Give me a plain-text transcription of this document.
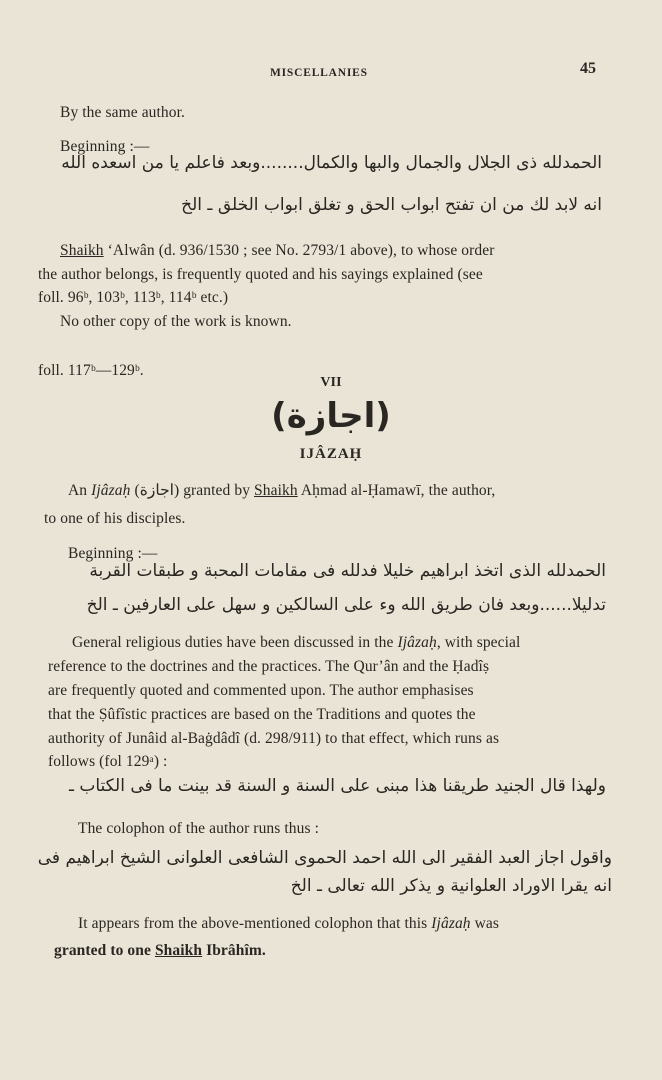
MISCELLANIES	45
By the same author.
Beginning :—
الحمدلله ذی الجلال والجمال والبها والکمال........وبعد فاعلم یا من اسعده الله
انه لابد لك من ان تفتح ابواب الحق و تغلق ابواب الخلق ـ الخ
Shaikh ‘Alwân (d. 936/1530 ; see No. 2793/1 above), to whose order
the author belongs, is frequently quoted and his sayings explained (see
foll. 96ᵇ, 103ᵇ, 113ᵇ, 114ᵇ etc.)
No other copy of the work is known.
foll. 117ᵇ—129ᵇ.
VII
(اجازة)
IJÂZAḤ
An Ijâzaḥ (اجازة) granted by Shaikh Aḥmad al-Ḥamawī, the author,
to one of his disciples.
Beginning :—
الحمدلله الذی اتخذ ابراهیم خلیلا فدلله فی مقامات المحبة و طبقات القربة
تدلیلا......وبعد فان طریق الله وء علی السالکین و سهل علی العارفین ـ الخ
General religious duties have been discussed in the Ijâzaḥ, with special
reference to the doctrines and the practices. The Qur’ân and the Ḥadîṣ
are frequently quoted and commented upon. The author emphasises
that the Ṣûfîstic practices are based on the Traditions and quotes the
authority of Junâid al-Baġdâdî (d. 298/911) to that effect, which runs as
follows (fol 129ᵃ) :
ولهذا قال الجنید طریقنا هذا مبنی علی السنة و السنة قد بینت ما فی الکتاب ـ
The colophon of the author runs thus :
واقول اجاز العبد الفقیر الی الله احمد الحموی الشافعی العلوانی الشیخ ابراهیم فی
انه یقرا الاوراد العلوانیة و یذکر الله تعالی ـ الخ
It appears from the above-mentioned colophon that this Ijâzaḥ was
granted to one Shaikh Ibrâhîm.
